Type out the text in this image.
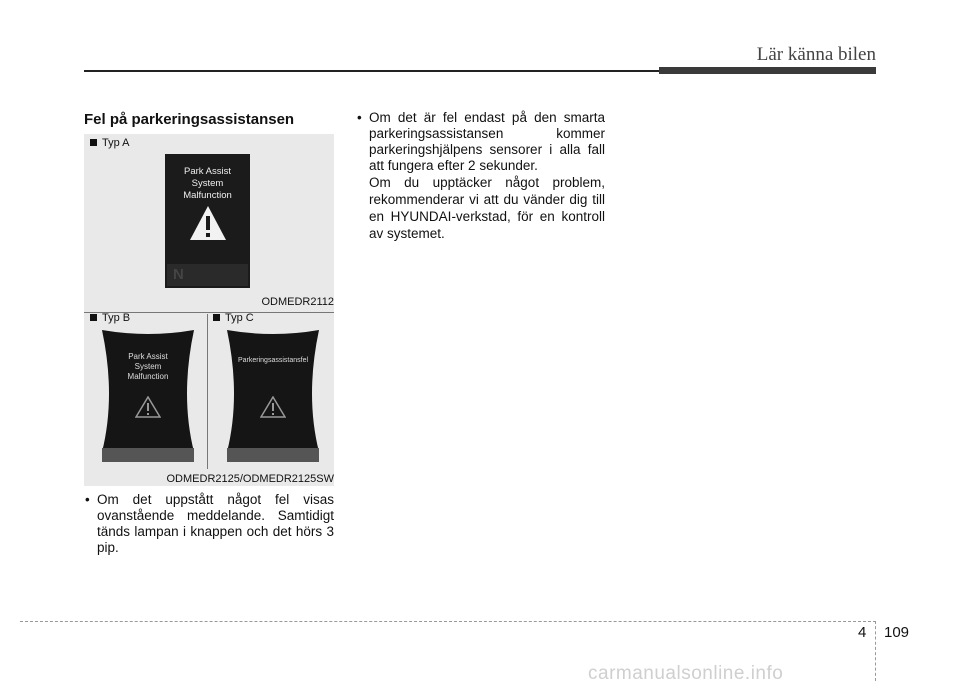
Lär känna bilen
Fel på parkeringsassistansen
Typ A
Park Assist
System
Malfunction
N
ODMEDR2112
Typ B	Typ C
Park Assist
System
Malfunction
Parkeringsassistansfel
ODMEDR2125/ODMEDR2125SW
• Om det uppstått något fel visas ovanstående meddelande. Samtidigt tänds lampan i knappen och det hörs 3 pip.
• Om det är fel endast på den smarta parkeringsassistansen kommer parkeringshjälpens sensorer i alla fall att fungera efter 2 sekunder.
Om du upptäcker något problem, rekommenderar vi att du vänder dig till en HYUNDAI-verkstad, för en kontroll av systemet.
4 109
carmanualsonline.info
